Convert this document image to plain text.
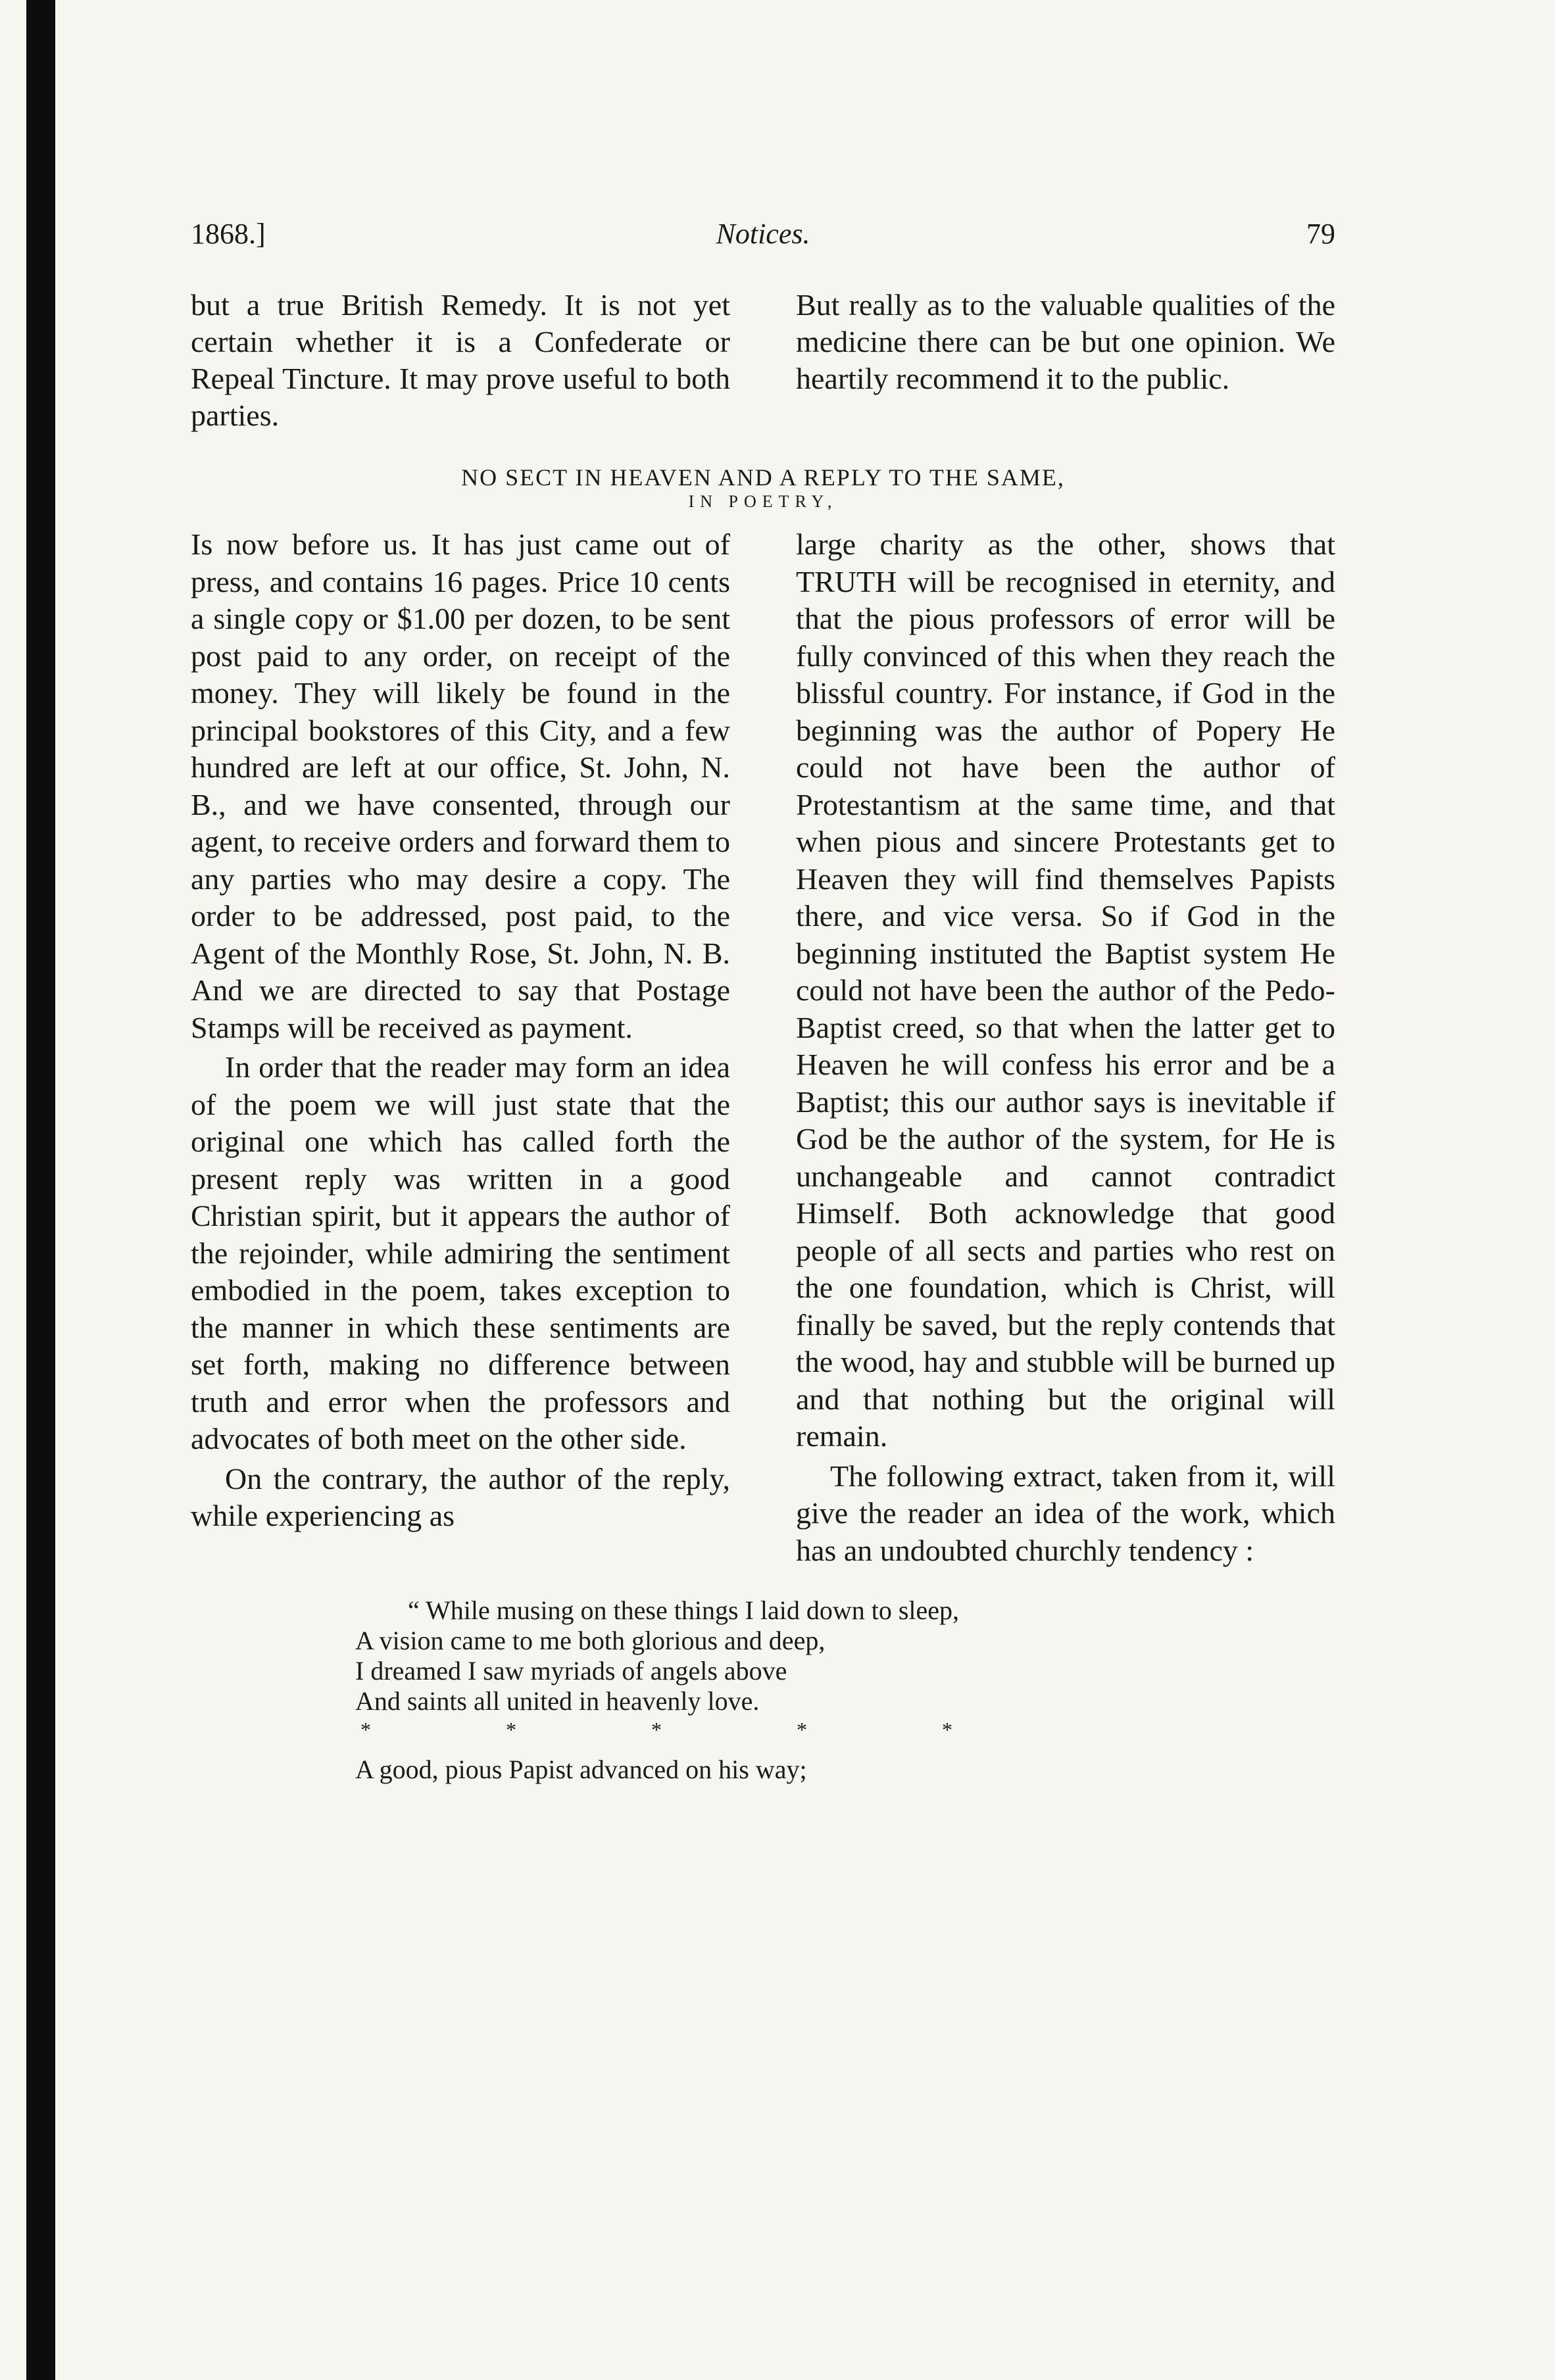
1868.]	Notices.	79

but a true British Remedy. It is not yet certain whether it is a Confederate or Repeal Tincture. It may prove useful to both parties.

But really as to the valuable qualities of the medicine there can be but one opinion. We heartily recommend it to the public.

NO SECT IN HEAVEN AND A REPLY TO THE SAME,
IN POETRY,

Is now before us. It has just came out of press, and contains 16 pages. Price 10 cents a single copy or $1.00 per dozen, to be sent post paid to any order, on receipt of the money. They will likely be found in the principal bookstores of this City, and a few hundred are left at our office, St. John, N. B., and we have consented, through our agent, to receive orders and forward them to any parties who may desire a copy. The order to be addressed, post paid, to the Agent of the Monthly Rose, St. John, N. B. And we are directed to say that Postage Stamps will be received as payment.

In order that the reader may form an idea of the poem we will just state that the original one which has called forth the present reply was written in a good Christian spirit, but it appears the author of the rejoinder, while admiring the sentiment embodied in the poem, takes exception to the manner in which these sentiments are set forth, making no difference between truth and error when the professors and advocates of both meet on the other side.

On the contrary, the author of the reply, while experiencing as

large charity as the other, shows that TRUTH will be recognised in eternity, and that the pious professors of error will be fully convinced of this when they reach the blissful country. For instance, if God in the beginning was the author of Popery He could not have been the author of Protestantism at the same time, and that when pious and sincere Protestants get to Heaven they will find themselves Papists there, and vice versa. So if God in the beginning instituted the Baptist system He could not have been the author of the Pedo-Baptist creed, so that when the latter get to Heaven he will confess his error and be a Baptist; this our author says is inevitable if God be the author of the system, for He is unchangeable and cannot contradict Himself. Both acknowledge that good people of all sects and parties who rest on the one foundation, which is Christ, will finally be saved, but the reply contends that the wood, hay and stubble will be burned up and that nothing but the original will remain.

The following extract, taken from it, will give the reader an idea of the work, which has an undoubted churchly tendency :

“ While musing on these things I laid down to sleep,
A vision came to me both glorious and deep,
I dreamed I saw myriads of angels above
And saints all united in heavenly love.
*	*	*	*	*
A good, pious Papist advanced on his way;
